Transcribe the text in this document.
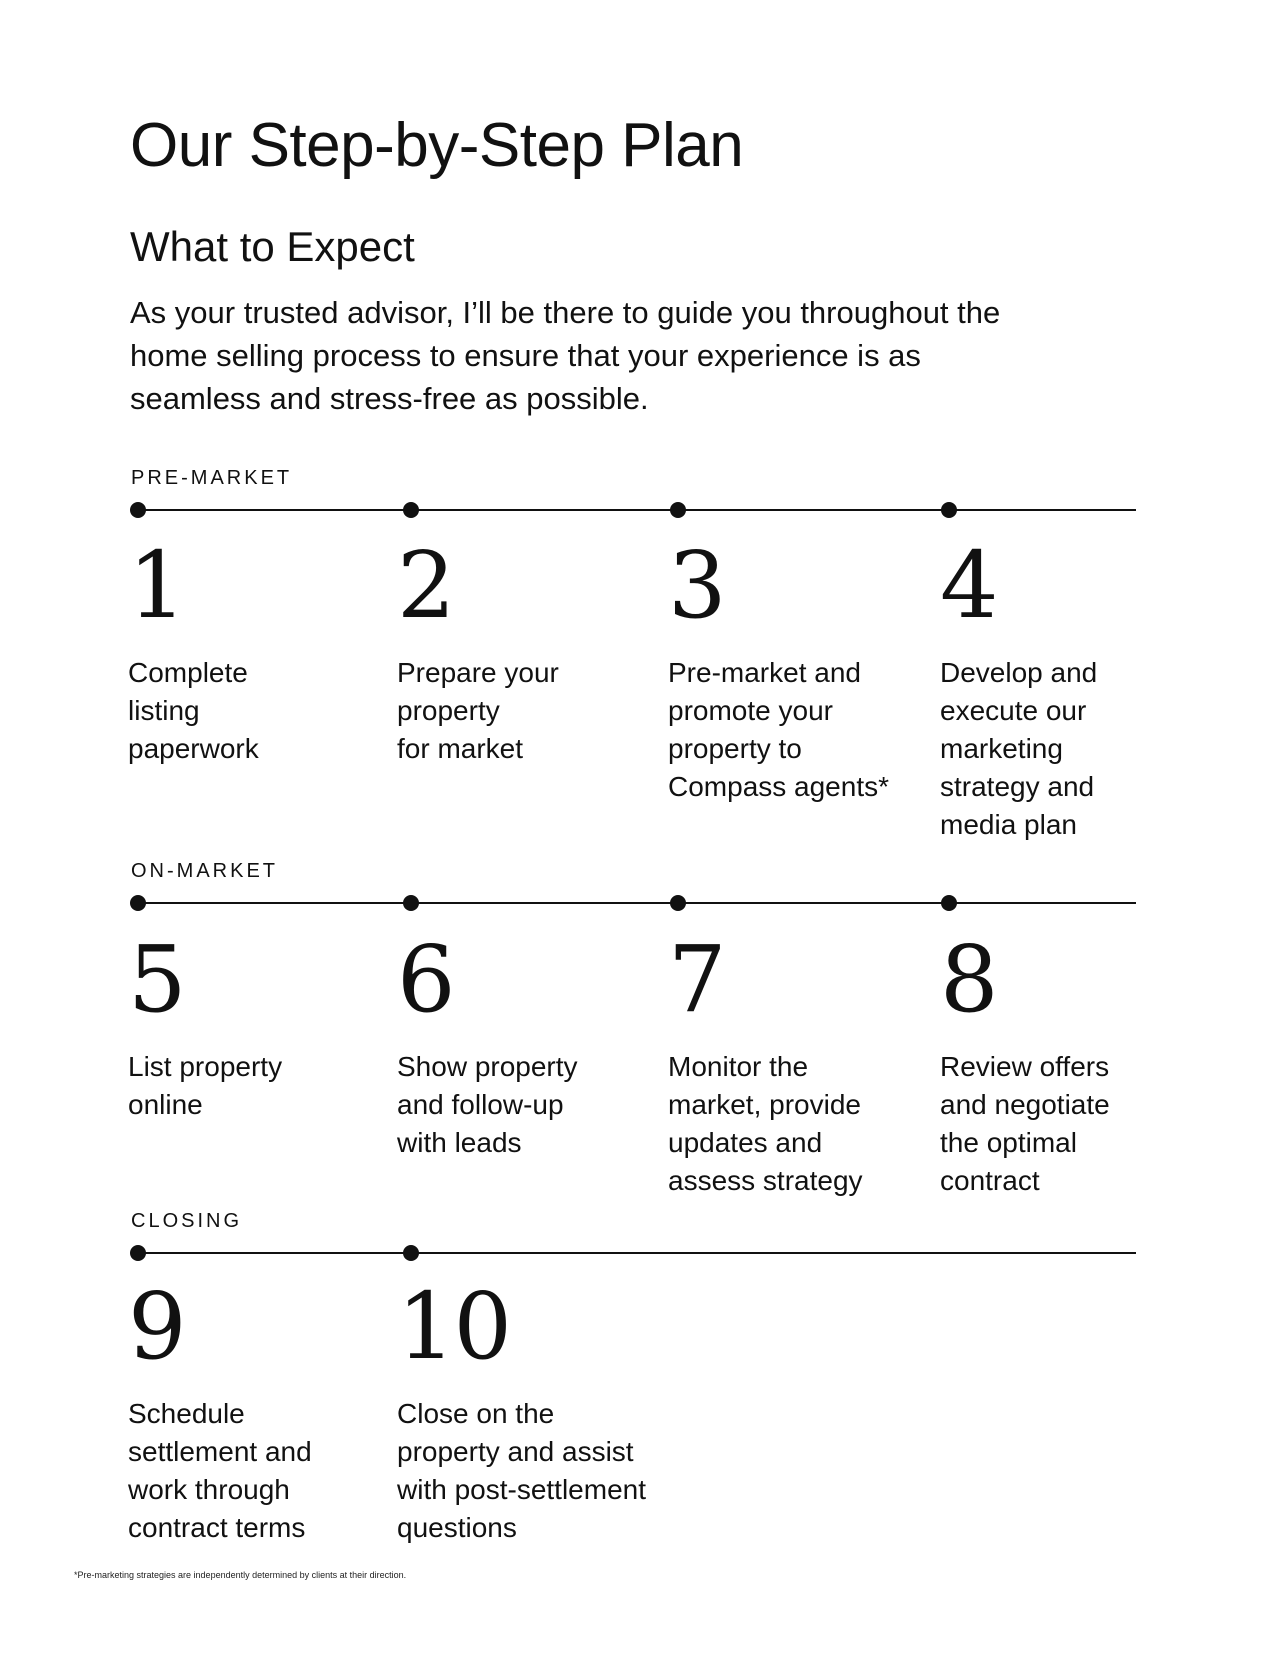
Our Step-by-Step Plan
What to Expect

As your trusted advisor, I’ll be there to guide you throughout the home selling process to ensure that your experience is as seamless and stress-free as possible.

PRE-MARKET
1
Complete
listing
paperwork
2
Prepare your
property
for market
3
Pre-market and
promote your
property to
Compass agents*
4
Develop and
execute our
marketing
strategy and
media plan
ON-MARKET
5
List property
online
6
Show property
and follow-up
with leads
7
Monitor the
market, provide
updates and
assess strategy
8
Review offers
and negotiate
the optimal
contract
CLOSING
9
Schedule
settlement and
work through
contract terms
10
Close on the
property and assist
with post-settlement
questions

*Pre-marketing strategies are independently determined by clients at their direction.
